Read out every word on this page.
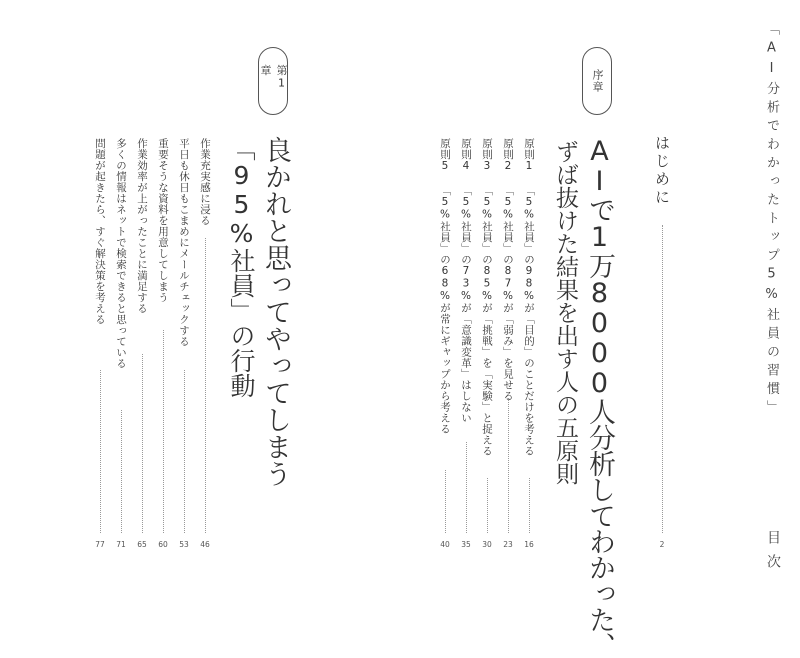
「AI分析でわかったトップ5%社員の習慣」
目次
はじめに
2
序章
AIで1万8000人分析してわかった、
ずば抜けた結果を出す人の五原則
原則1 「5%社員」の98%が「目的」のことだけを考える
16
原則2 「5%社員」の87%が「弱み」を見せる
23
原則3 「5%社員」の85%が「挑戦」を「実験」と捉える
30
原則4 「5%社員」の73%が「意識変革」はしない
35
原則5 「5%社員」の68%が常にギャップから考える
40
第1章
良かれと思ってやってしまう
「95%社員」の行動
作業充実感に浸る
46
平日も休日もこまめにメールチェックする
53
重要そうな資料を用意してしまう
60
作業効率が上がったことに満足する
65
多くの情報はネットで検索できると思っている
71
問題が起きたら、すぐ解決策を考える
77
